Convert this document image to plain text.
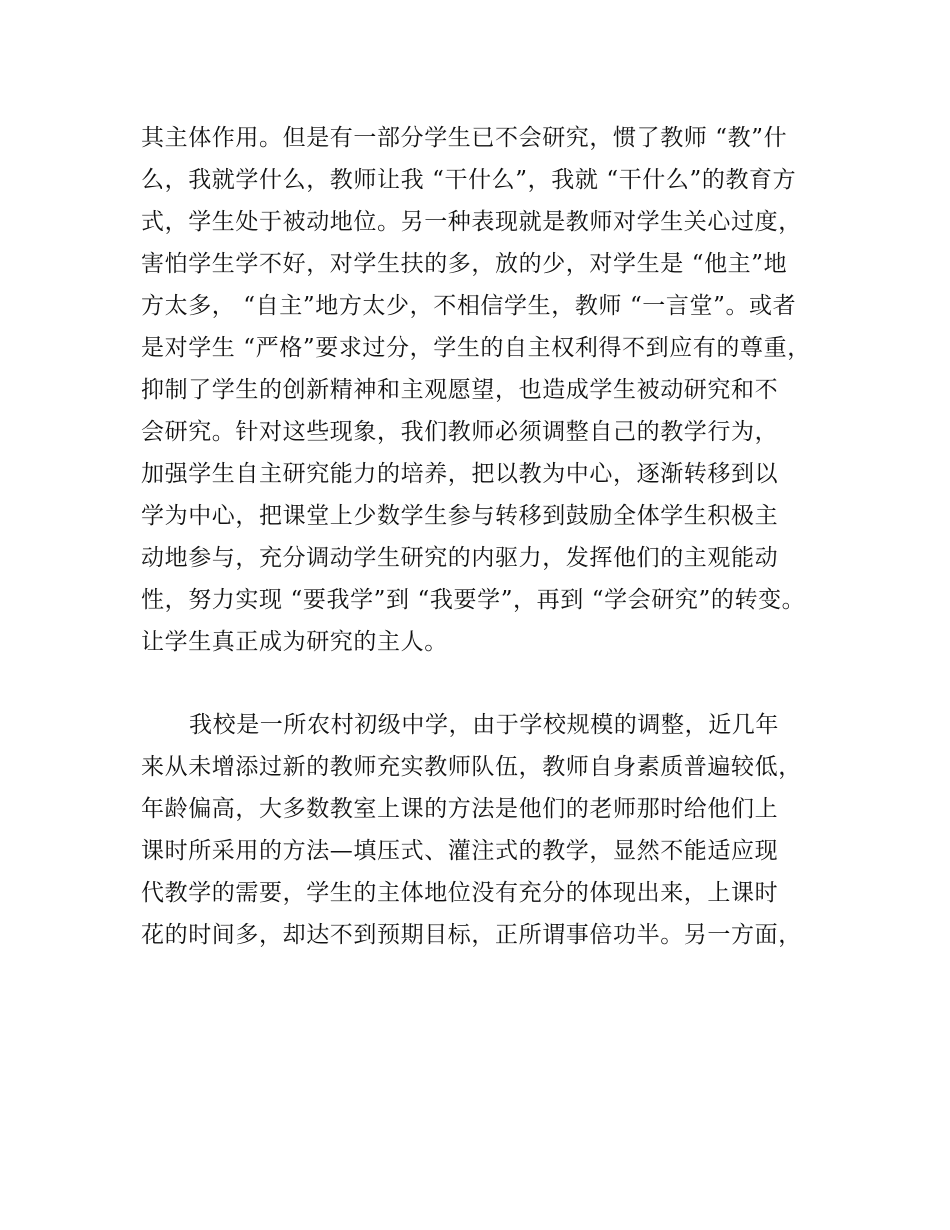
其主体作用。但是有一部分学生已不会研究，惯了教师 “教”什
么，我就学什么，教师让我 “干什么”，我就 “干什么”的教育方
式，学生处于被动地位。另一种表现就是教师对学生关心过度，
害怕学生学不好，对学生扶的多，放的少，对学生是 “他主”地
方太多， “自主”地方太少，不相信学生，教师 “一言堂”。或者
是对学生 “严格”要求过分，学生的自主权利得不到应有的尊重，
抑制了学生的创新精神和主观愿望，也造成学生被动研究和不
会研究。针对这些现象，我们教师必须调整自己的教学行为，
加强学生自主研究能力的培养，把以教为中心，逐渐转移到以
学为中心，把课堂上少数学生参与转移到鼓励全体学生积极主
动地参与，充分调动学生研究的内驱力，发挥他们的主观能动
性，努力实现 “要我学”到 “我要学”，再到 “学会研究”的转变。
让学生真正成为研究的主人。
我校是一所农村初级中学，由于学校规模的调整，近几年
来从未增添过新的教师充实教师队伍，教师自身素质普遍较低，
年龄偏高，大多数教室上课的方法是他们的老师那时给他们上
课时所采用的方法—填压式、灌注式的教学，显然不能适应现
代教学的需要，学生的主体地位没有充分的体现出来，上课时
花的时间多，却达不到预期目标，正所谓事倍功半。另一方面，
